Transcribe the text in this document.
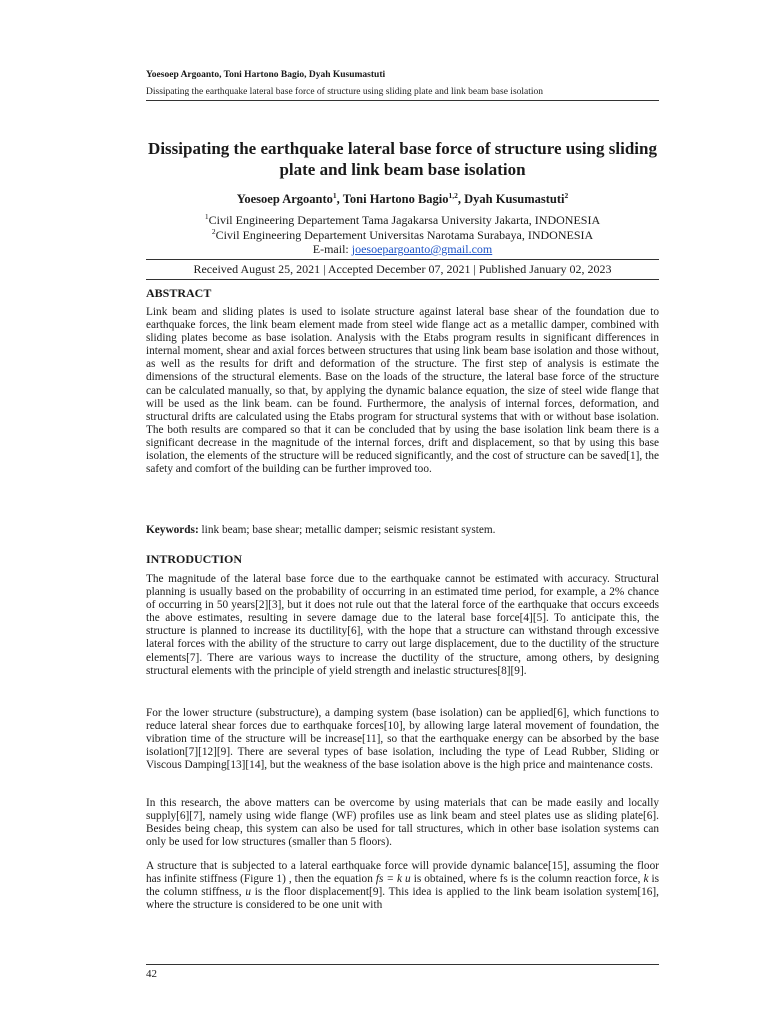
Yoesoep Argoanto, Toni Hartono Bagio, Dyah Kusumastuti
Dissipating the earthquake lateral base force of structure using sliding plate and link beam base isolation
Dissipating the earthquake lateral base force of structure using sliding plate and link beam base isolation
Yoesoep Argoanto$^1$, Toni Hartono Bagio$^{1,2}$, Dyah Kusumastuti$^2$
$^1$Civil Engineering Departement Tama Jagakarsa University Jakarta, INDONESIA
$^2$Civil Engineering Departement Universitas Narotama Surabaya, INDONESIA
E-mail: joesoepargoanto@gmail.com
Received August 25, 2021 | Accepted December 07, 2021 | Published January 02, 2023
ABSTRACT
Link beam and sliding plates is used to isolate structure against lateral base shear of the foundation due to earthquake forces, the link beam element made from steel wide flange act as a metallic damper, combined with sliding plates become as base isolation. Analysis with the Etabs program results in significant differences in internal moment, shear and axial forces between structures that using link beam base isolation and those without, as well as the results for drift and deformation of the structure. The first step of analysis is estimate the dimensions of the structural elements. Base on the loads of the structure, the lateral base force of the structure can be calculated manually, so that, by applying the dynamic balance equation, the size of steel wide flange that will be used as the link beam. can be found. Furthermore, the analysis of internal forces, deformation, and structural drifts are calculated using the Etabs program for structural systems that with or without base isolation. The both results are compared so that it can be concluded that by using the base isolation link beam there is a significant decrease in the magnitude of the internal forces, drift and displacement, so that by using this base isolation, the elements of the structure will be reduced significantly, and the cost of structure can be saved[1], the safety and comfort of the building can be further improved too.
Keywords: link beam; base shear; metallic damper; seismic resistant system.
INTRODUCTION
The magnitude of the lateral base force due to the earthquake cannot be estimated with accuracy. Structural planning is usually based on the probability of occurring in an estimated time period, for example, a 2% chance of occurring in 50 years[2][3], but it does not rule out that the lateral force of the earthquake that occurs exceeds the above estimates, resulting in severe damage due to the lateral base force[4][5]. To anticipate this, the structure is planned to increase its ductility[6], with the hope that a structure can withstand through excessive lateral forces with the ability of the structure to carry out large displacement, due to the ductility of the structure elements[7]. There are various ways to increase the ductility of the structure, among others, by designing structural elements with the principle of yield strength and inelastic structures[8][9].
For the lower structure (substructure), a damping system (base isolation) can be applied[6], which functions to reduce lateral shear forces due to earthquake forces[10], by allowing large lateral movement of foundation, the vibration time of the structure will be increase[11], so that the earthquake energy can be absorbed by the base isolation[7][12][9]. There are several types of base isolation, including the type of Lead Rubber, Sliding or Viscous Damping[13][14], but the weakness of the base isolation above is the high price and maintenance costs.
In this research, the above matters can be overcome by using materials that can be made easily and locally supply[6][7], namely using wide flange (WF) profiles use as link beam and steel plates use as sliding plate[6]. Besides being cheap, this system can also be used for tall structures, which in other base isolation systems can only be used for low structures (smaller than 5 floors).
A structure that is subjected to a lateral earthquake force will provide dynamic balance[15], assuming the floor has infinite stiffness (Figure 1) , then the equation fs = k u is obtained, where fs is the column reaction force, k is the column stiffness, u is the floor displacement[9]. This idea is applied to the link beam isolation system[16], where the structure is considered to be one unit with
42
